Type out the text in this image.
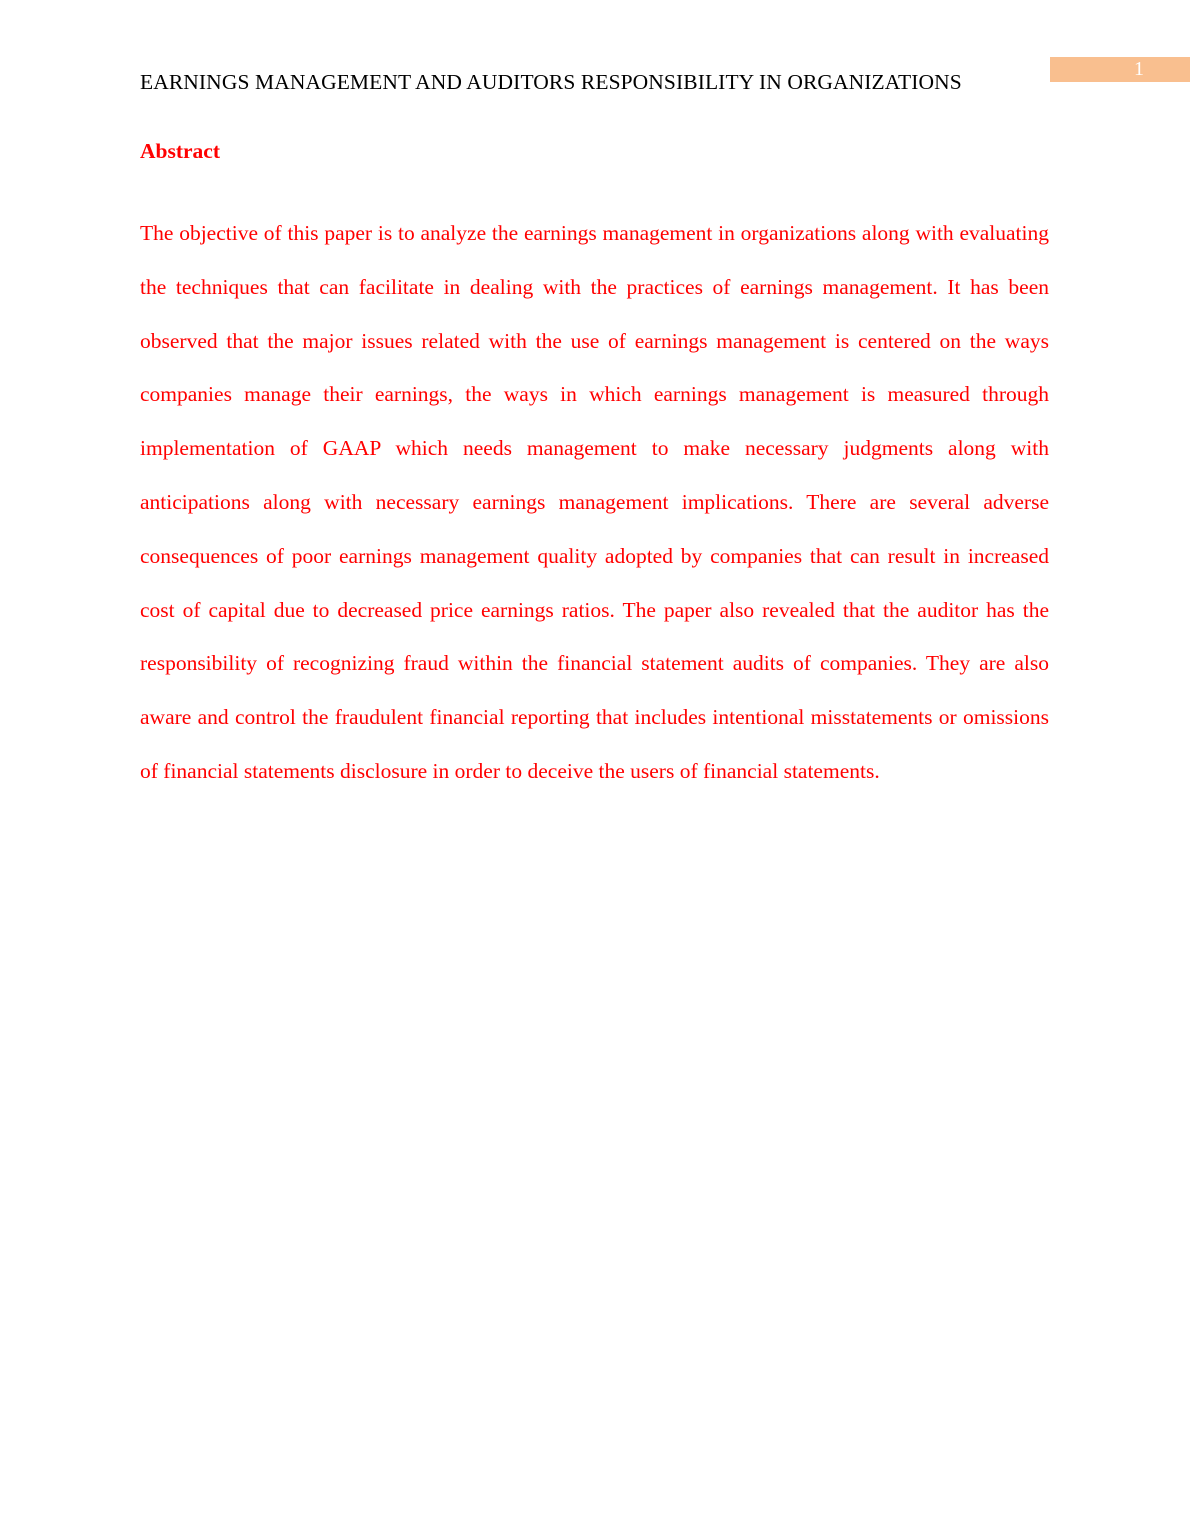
EARNINGS MANAGEMENT AND AUDITORS RESPONSIBILITY IN ORGANIZATIONS
1
Abstract

The objective of this paper is to analyze the earnings management in organizations along with evaluating the techniques that can facilitate in dealing with the practices of earnings management. It has been observed that the major issues related with the use of earnings management is centered on the ways companies manage their earnings, the ways in which earnings management is measured through implementation of GAAP which needs management to make necessary judgments along with anticipations along with necessary earnings management implications. There are several adverse consequences of poor earnings management quality adopted by companies that can result in increased cost of capital due to decreased price earnings ratios. The paper also revealed that the auditor has the responsibility of recognizing fraud within the financial statement audits of companies. They are also aware and control the fraudulent financial reporting that includes intentional misstatements or omissions of financial statements disclosure in order to deceive the users of financial statements.
